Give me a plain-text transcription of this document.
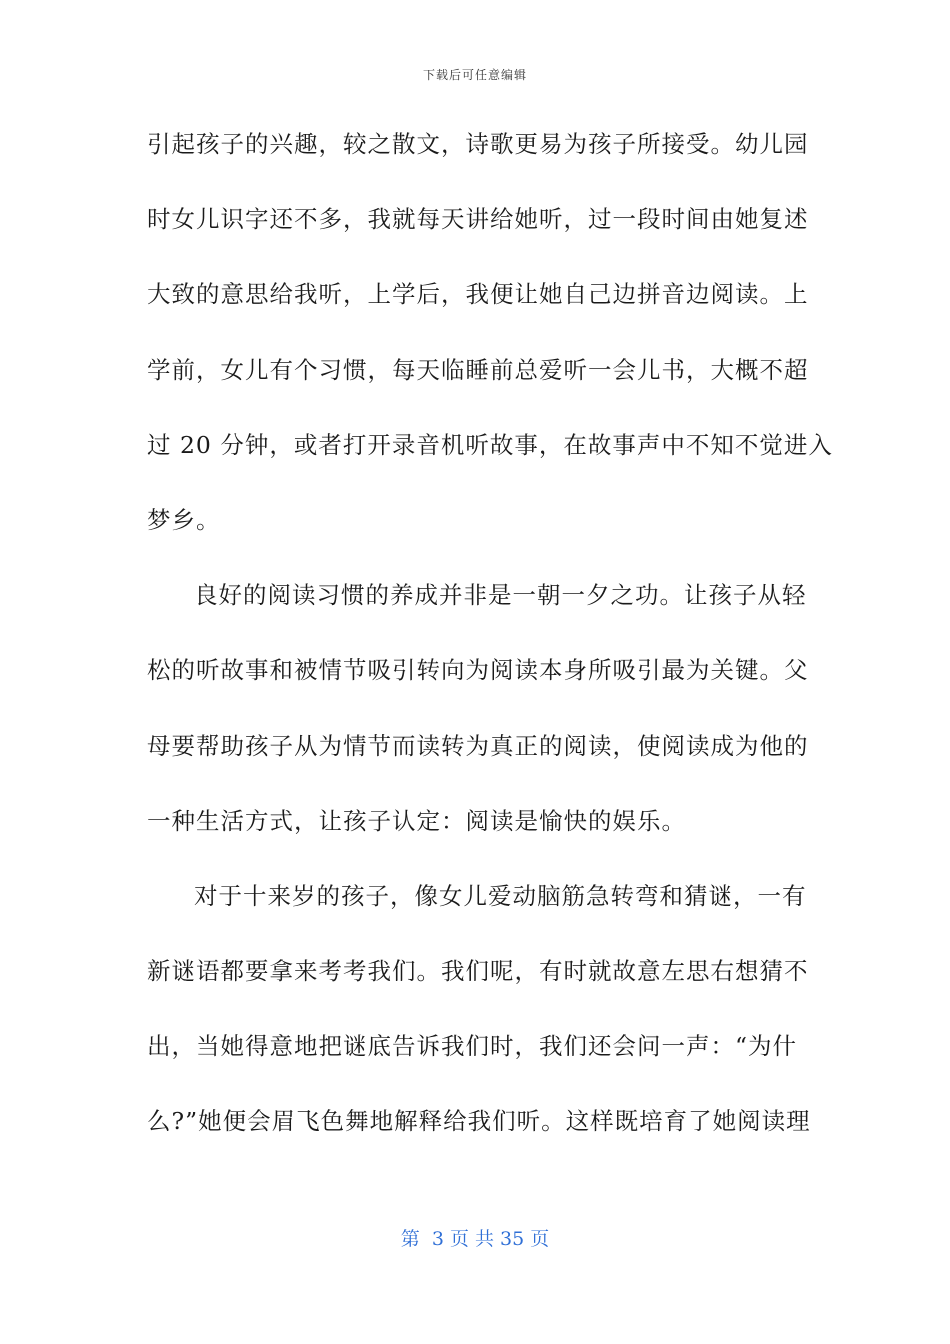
下载后可任意编辑
引起孩子的兴趣，较之散文，诗歌更易为孩子所接受。幼儿园
时女儿识字还不多，我就每天讲给她听，过一段时间由她复述
大致的意思给我听，上学后，我便让她自己边拼音边阅读。上
学前，女儿有个习惯，每天临睡前总爱听一会儿书，大概不超
过 20 分钟，或者打开录音机听故事，在故事声中不知不觉进入
梦乡。
良好的阅读习惯的养成并非是一朝一夕之功。让孩子从轻
松的听故事和被情节吸引转向为阅读本身所吸引最为关键。父
母要帮助孩子从为情节而读转为真正的阅读，使阅读成为他的
一种生活方式，让孩子认定：阅读是愉快的娱乐。
对于十来岁的孩子，像女儿爱动脑筋急转弯和猜谜，一有
新谜语都要拿来考考我们。我们呢，有时就故意左思右想猜不
出，当她得意地把谜底告诉我们时，我们还会问一声：“为什
么?”她便会眉飞色舞地解释给我们听。这样既培育了她阅读理
第  3 页 共 35 页
